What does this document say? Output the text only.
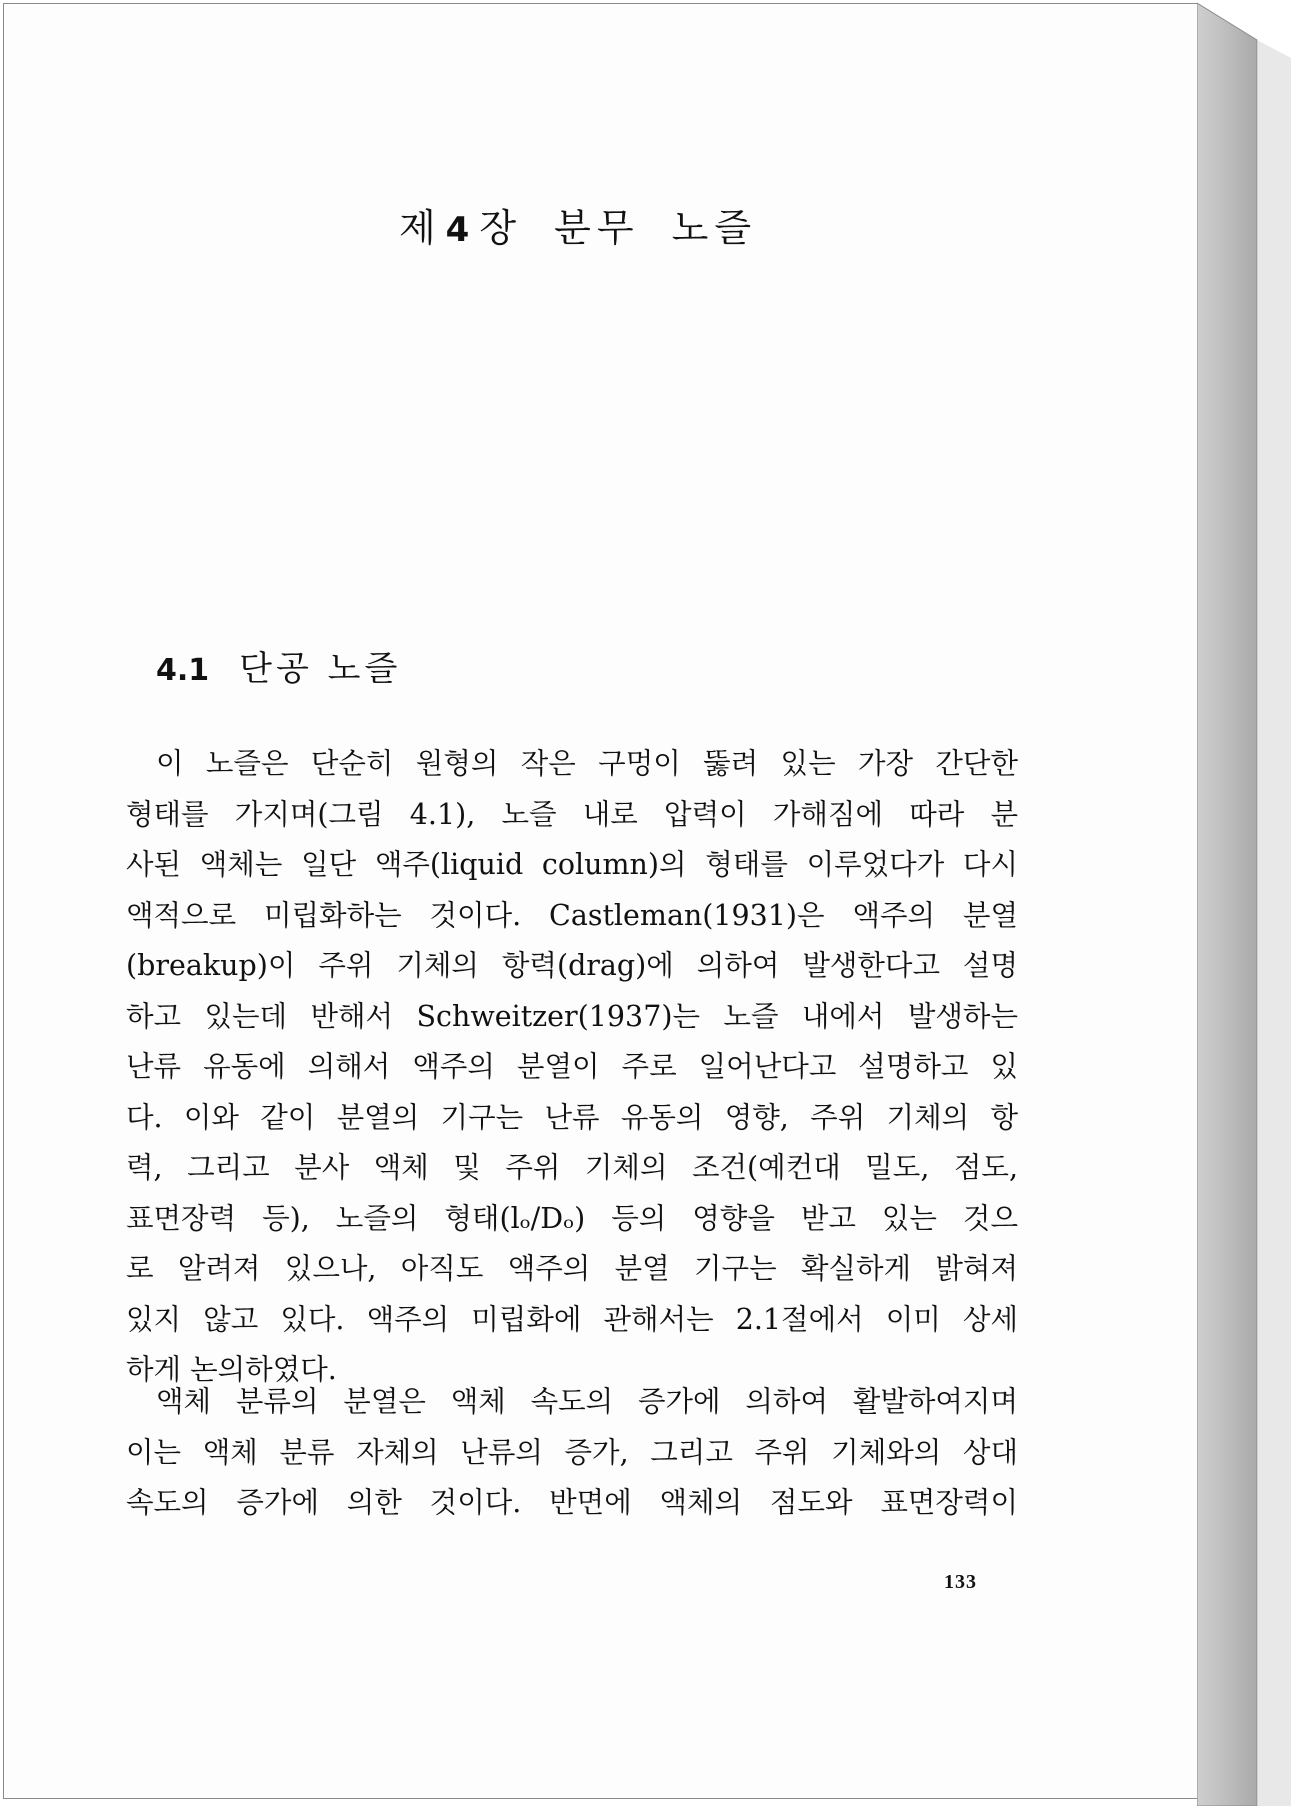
제 4 장 분무 노즐
4.1 단공 노즐

이 노즐은 단순히 원형의 작은 구멍이 뚫려 있는 가장 간단한
형태를 가지며(그림 4.1), 노즐 내로 압력이 가해짐에 따라 분
사된 액체는 일단 액주(liquid column)의 형태를 이루었다가 다시
액적으로 미립화하는 것이다. Castleman(1931)은 액주의 분열
(breakup)이 주위 기체의 항력(drag)에 의하여 발생한다고 설명
하고 있는데 반해서 Schweitzer(1937)는 노즐 내에서 발생하는
난류 유동에 의해서 액주의 분열이 주로 일어난다고 설명하고 있
다. 이와 같이 분열의 기구는 난류 유동의 영향, 주위 기체의 항
력, 그리고 분사 액체 및 주위 기체의 조건(예컨대 밀도, 점도,
표면장력 등), 노즐의 형태(lₒ/Dₒ) 등의 영향을 받고 있는 것으
로 알려져 있으나, 아직도 액주의 분열 기구는 확실하게 밝혀져
있지 않고 있다. 액주의 미립화에 관해서는 2.1절에서 이미 상세
하게 논의하였다.

액체 분류의 분열은 액체 속도의 증가에 의하여 활발하여지며
이는 액체 분류 자체의 난류의 증가, 그리고 주위 기체와의 상대
속도의 증가에 의한 것이다. 반면에 액체의 점도와 표면장력이

133
